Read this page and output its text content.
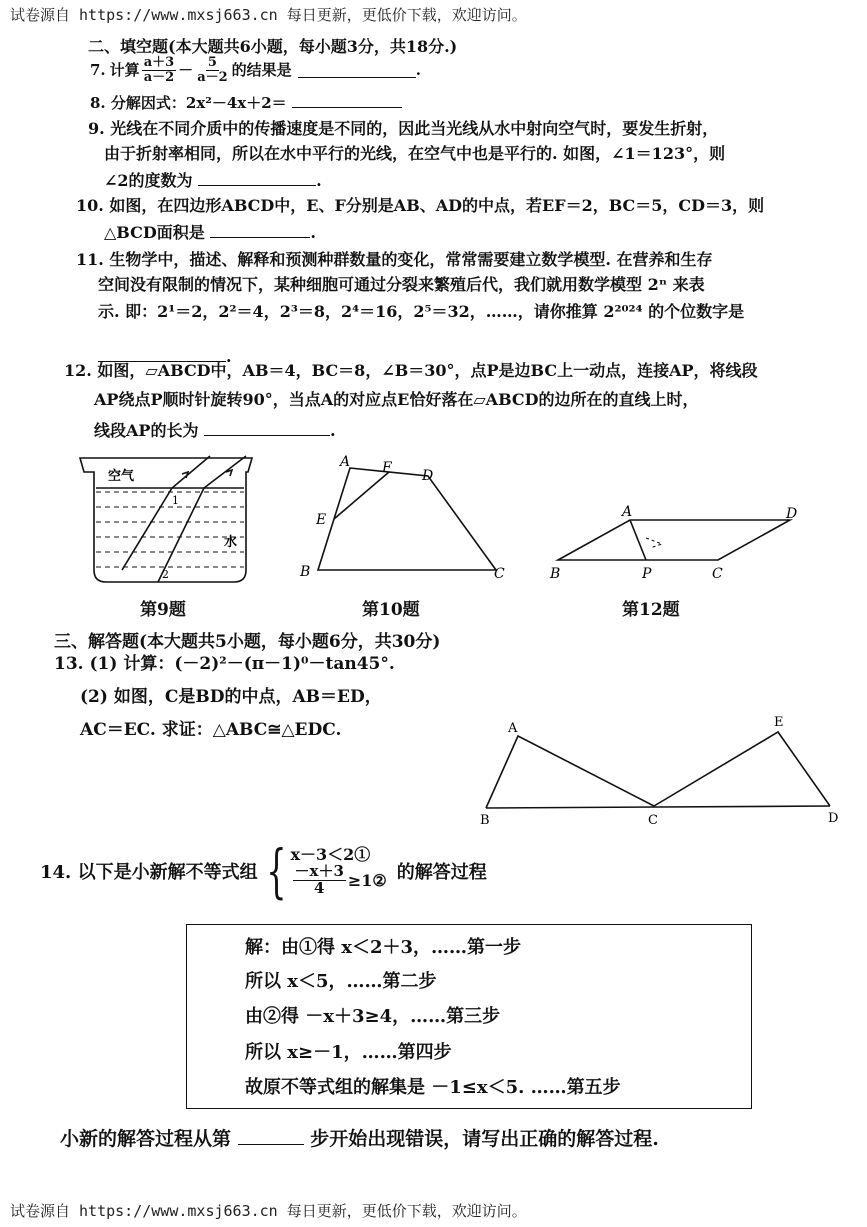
试卷源自 https://www.mxsj663.cn 每日更新，更低价下载，欢迎访问。
二、填空题(本大题共6小题，每小题3分，共18分.)
7. 计算 $\frac{a+3}{a-2} - \frac{5}{a-2}$ 的结果是	.
8. 分解因式：2x²－4x＋2＝
9. 光线在不同介质中的传播速度是不同的，因此当光线从水中射向空气时，要发生折射，
由于折射率相同，所以在水中平行的光线，在空气中也是平行的. 如图，∠1＝123°，则
∠2的度数为	.
10. 如图，在四边形ABCD中，E、F分别是AB、AD的中点，若EF＝2，BC＝5，CD＝3，则
△BCD面积是	.
11. 生物学中，描述、解释和预测种群数量的变化，常常需要建立数学模型. 在营养和生存
空间没有限制的情况下，某种细胞可通过分裂来繁殖后代，我们就用数学模型 2ⁿ 来表
示. 即：2¹＝2，2²＝4，2³＝8，2⁴＝16，2⁵＝32，……，请你推算 2²⁰²⁴ 的个位数字是
.
12. 如图，▱ABCD中，AB＝4，BC＝8，∠B＝30°，点P是边BC上一动点，连接AP，将线段
AP绕点P顺时针旋转90°，当点A的对应点E恰好落在▱ABCD的边所在的直线上时，
线段AP的长为	.
空气
水
1
2
第9题
A F D
E
B	C
第10题
A	D
B	P	C
第12题
三、解答题(本大题共5小题，每小题6分，共30分)
13. (1) 计算：(－2)²－(π－1)⁰－tan45°.
(2) 如图，C是BD的中点，AB＝ED，
AC＝EC. 求证：△ABC≅△EDC.	A
B	C	D
E
14. 以下是小新解不等式组 { x－3＜2①
$\frac{-x+3}{4}$ ≥1② 的解答过程
解：由①得 x＜2＋3，……第一步
所以 x＜5，……第二步
由②得 －x＋3≥4，……第三步
所以 x≥－1，……第四步
故原不等式组的解集是 －1≤x＜5. ……第五步
小新的解答过程从第	步开始出现错误，请写出正确的解答过程.
试卷源自 https://www.mxsj663.cn 每日更新，更低价下载，欢迎访问。
